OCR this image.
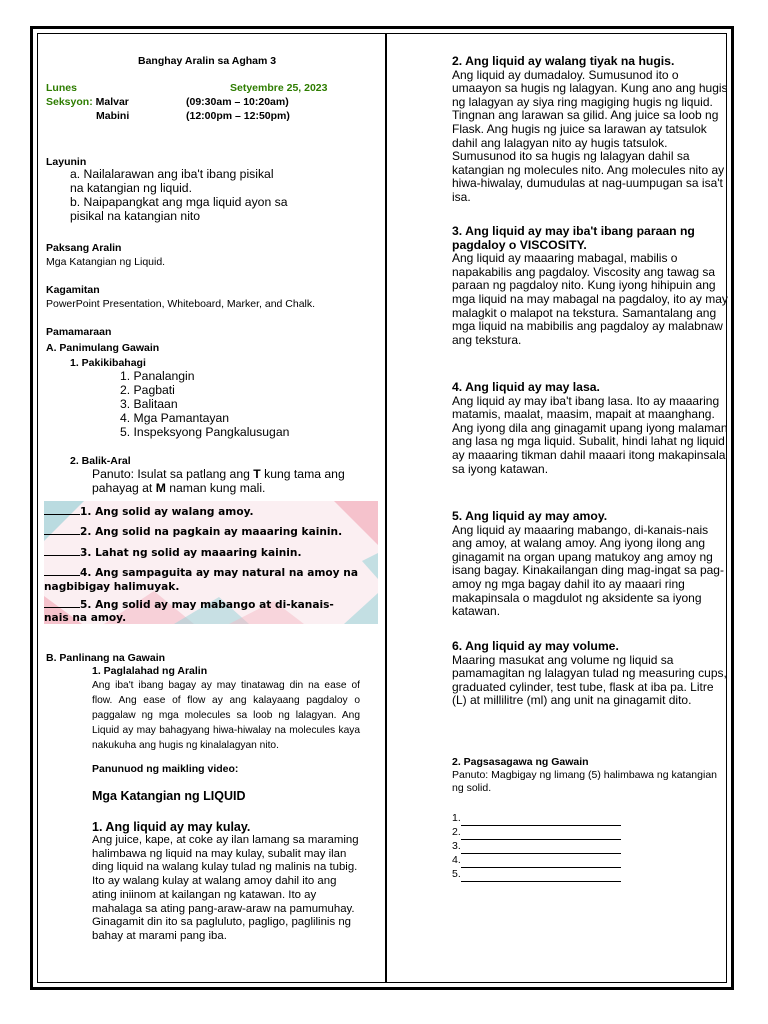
Banghay Aralin sa Agham 3
Lunes	Setyembre 25, 2023
Seksyon: Malvar	(09:30am – 10:20am)
Mabini	(12:00pm – 12:50pm)
Layunin
a. Nailalarawan ang iba't ibang pisikal
na katangian ng liquid.
b. Naipapangkat ang mga liquid ayon sa
pisikal na katangian nito
Paksang Aralin
Mga Katangian ng Liquid.
Kagamitan
PowerPoint Presentation, Whiteboard, Marker, and Chalk.
Pamamaraan
A. Panimulang Gawain
1. Pakikibahagi
1. Panalangin
2. Pagbati
3. Balitaan
4. Mga Pamantayan
5. Inspeksyong Pangkalusugan
2. Balik-Aral
Panuto: Isulat sa patlang ang T kung tama ang
pahayag at M naman kung mali.
1. Ang solid ay walang amoy.
2. Ang solid na pagkain ay maaaring kainin.
3. Lahat ng solid ay maaaring kainin.
4. Ang sampaguita ay may natural na amoy na
nagbibigay halimuyak.
5. Ang solid ay may mabango at di-kanais-
nais na amoy.
B. Panlinang na Gawain
1. Paglalahad ng Aralin
Ang iba't ibang bagay ay may tinatawag din na ease of flow. Ang ease of flow ay ang kalayaang pagdaloy o paggalaw ng mga molecules sa loob ng lalagyan. Ang Liquid ay may bahagyang hiwa-hiwalay na molecules kaya nakukuha ang hugis ng kinalalagyan nito.
Panunuod ng maikling video:
Mga Katangian ng LIQUID
1. Ang liquid ay may kulay.
Ang juice, kape, at coke ay ilan lamang sa maraming halimbawa ng liquid na may kulay, subalit may ilan ding liquid na walang kulay tulad ng malinis na tubig. Ito ay walang kulay at walang amoy dahil ito ang ating iniinom at kailangan ng katawan. Ito ay mahalaga sa ating pang-araw-araw na pamumuhay. Ginagamit din ito sa pagluluto, pagligo, paglilinis ng bahay at marami pang iba.
2. Ang liquid ay walang tiyak na hugis.
Ang liquid ay dumadaloy. Sumusunod ito o umaayon sa hugis ng lalagyan. Kung ano ang hugis ng lalagyan ay siya ring magiging hugis ng liquid. Tingnan ang larawan sa gilid. Ang juice sa loob ng Flask. Ang hugis ng juice sa larawan ay tatsulok dahil ang lalagyan nito ay hugis tatsulok. Sumusunod ito sa hugis ng lalagyan dahil sa katangian ng molecules nito. Ang molecules nito ay hiwa-hiwalay, dumudulas at nag-uumpugan sa isa't isa.
3. Ang liquid ay may iba't ibang paraan ng pagdaloy o VISCOSITY.
Ang liquid ay maaaring mabagal, mabilis o napakabilis ang pagdaloy. Viscosity ang tawag sa paraan ng pagdaloy nito. Kung iyong hihipuin ang mga liquid na may mabagal na pagdaloy, ito ay may malagkit o malapot na tekstura. Samantalang ang mga liquid na mabibilis ang pagdaloy ay malabnaw ang tekstura.
4. Ang liquid ay may lasa.
Ang liquid ay may iba't ibang lasa. Ito ay maaaring matamis, maalat, maasim, mapait at maanghang. Ang iyong dila ang ginagamit upang iyong malaman ang lasa ng mga liquid. Subalit, hindi lahat ng liquid ay maaaring tikman dahil maaari itong makapinsala sa iyong katawan.
5. Ang liquid ay may amoy.
Ang liquid ay maaaring mabango, di-kanais-nais ang amoy, at walang amoy. Ang iyong ilong ang ginagamit na organ upang matukoy ang amoy ng isang bagay. Kinakailangan ding mag-ingat sa pag-amoy ng mga bagay dahil ito ay maaari ring makapinsala o magdulot ng aksidente sa iyong katawan.
6. Ang liquid ay may volume.
Maaring masukat ang volume ng liquid sa pamamagitan ng lalagyan tulad ng measuring cups, graduated cylinder, test tube, flask at iba pa. Litre (L) at millilitre (ml) ang unit na ginagamit dito.
2. Pagsasagawa ng Gawain
Panuto: Magbigay ng limang (5) halimbawa ng katangian ng solid.
1.
2.
3.
4.
5.
